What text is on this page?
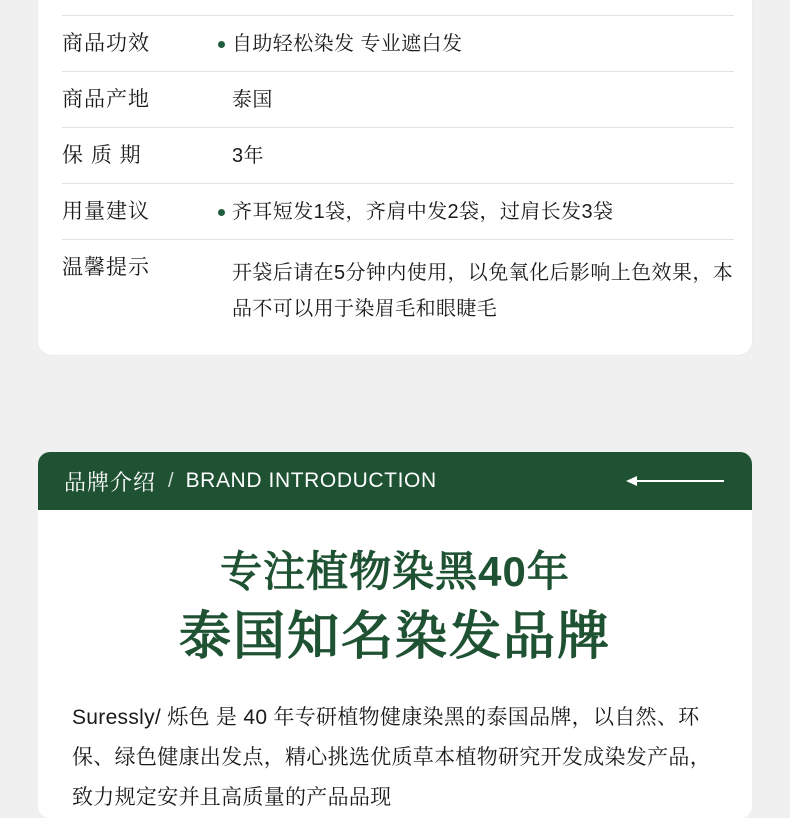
商品功效	自助轻松染发 专业遮白发
商品产地	泰国
保 质 期	3年
用量建议	齐耳短发1袋，齐肩中发2袋，过肩长发3袋
温馨提示	开袋后请在5分钟内使用，以免氧化后影响上色效果，本品不可以用于染眉毛和眼睫毛
品牌介绍 / BRAND INTRODUCTION
专注植物染黑40年
泰国知名染发品牌
Suressly/ 烁色 是 40 年专研植物健康染黑的泰国品牌，以自然、环保、绿色健康出发点，精心挑选优质草本植物研究开发成染发产品，致力规定安并且高质量的产品品现
